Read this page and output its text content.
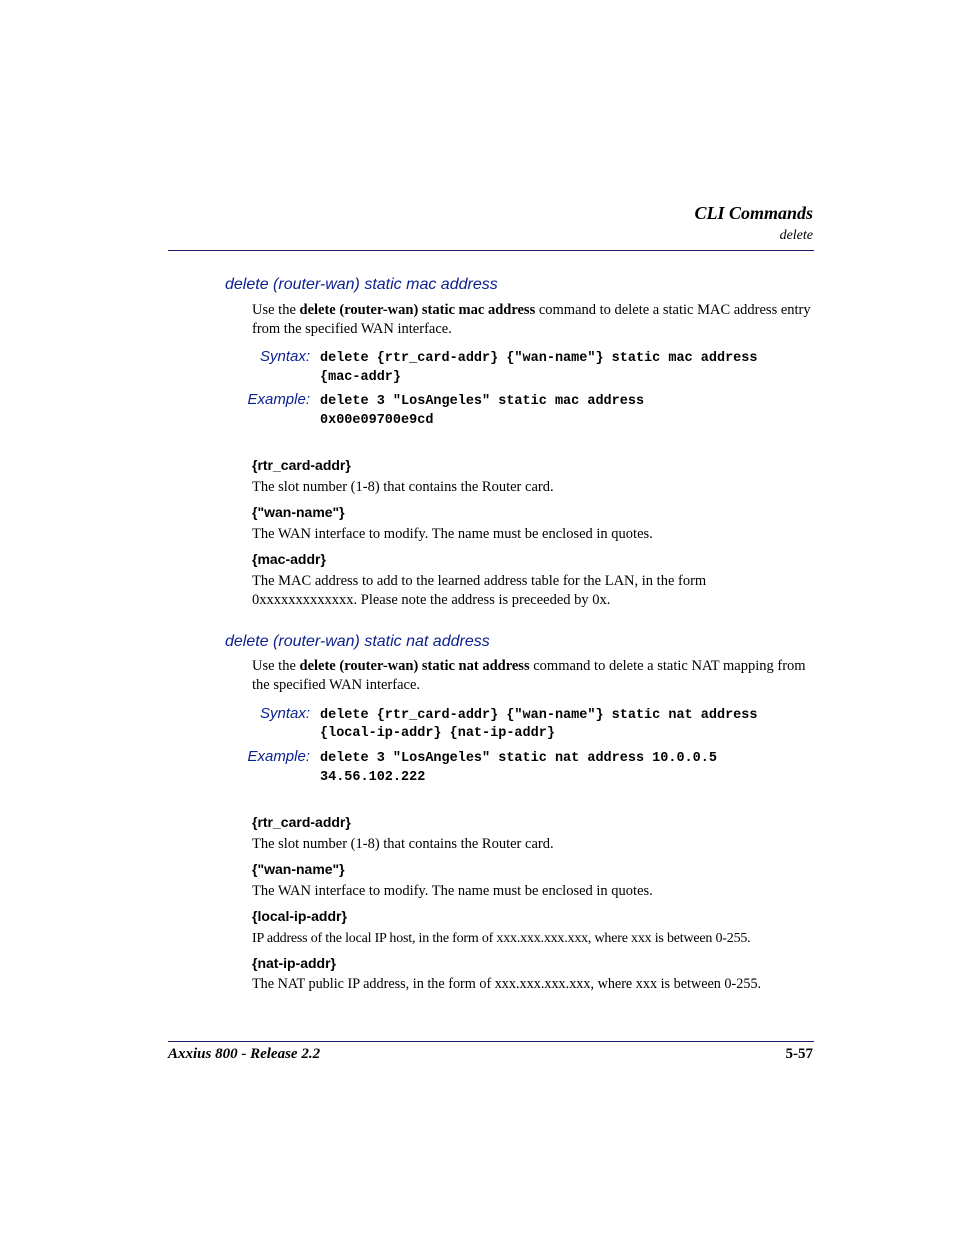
CLI Commands
delete
delete (router-wan) static mac address
Use the delete (router-wan) static mac address command to delete a static MAC address entry from the specified WAN interface.
Syntax: delete {rtr_card-addr} {"wan-name"} static mac address
{mac-addr}
Example: delete 3 "LosAngeles" static mac address
0x00e09700e9cd
{rtr_card-addr}
The slot number (1-8) that contains the Router card.
{"wan-name"}
The WAN interface to modify. The name must be enclosed in quotes.
{mac-addr}
The MAC address to add to the learned address table for the LAN, in the form 0xxxxxxxxxxxxx. Please note the address is preceeded by 0x.
delete (router-wan) static nat address
Use the delete (router-wan) static nat address command to delete a static NAT mapping from the specified WAN interface.
Syntax: delete {rtr_card-addr} {"wan-name"} static nat address
{local-ip-addr} {nat-ip-addr}
Example: delete 3 "LosAngeles" static nat address 10.0.0.5
34.56.102.222
{rtr_card-addr}
The slot number (1-8) that contains the Router card.
{"wan-name"}
The WAN interface to modify. The name must be enclosed in quotes.
{local-ip-addr}
IP address of the local IP host, in the form of xxx.xxx.xxx.xxx, where xxx is between 0-255.
{nat-ip-addr}
The NAT public IP address, in the form of xxx.xxx.xxx.xxx, where xxx is between 0-255.
Axxius 800 - Release 2.2	5-57
